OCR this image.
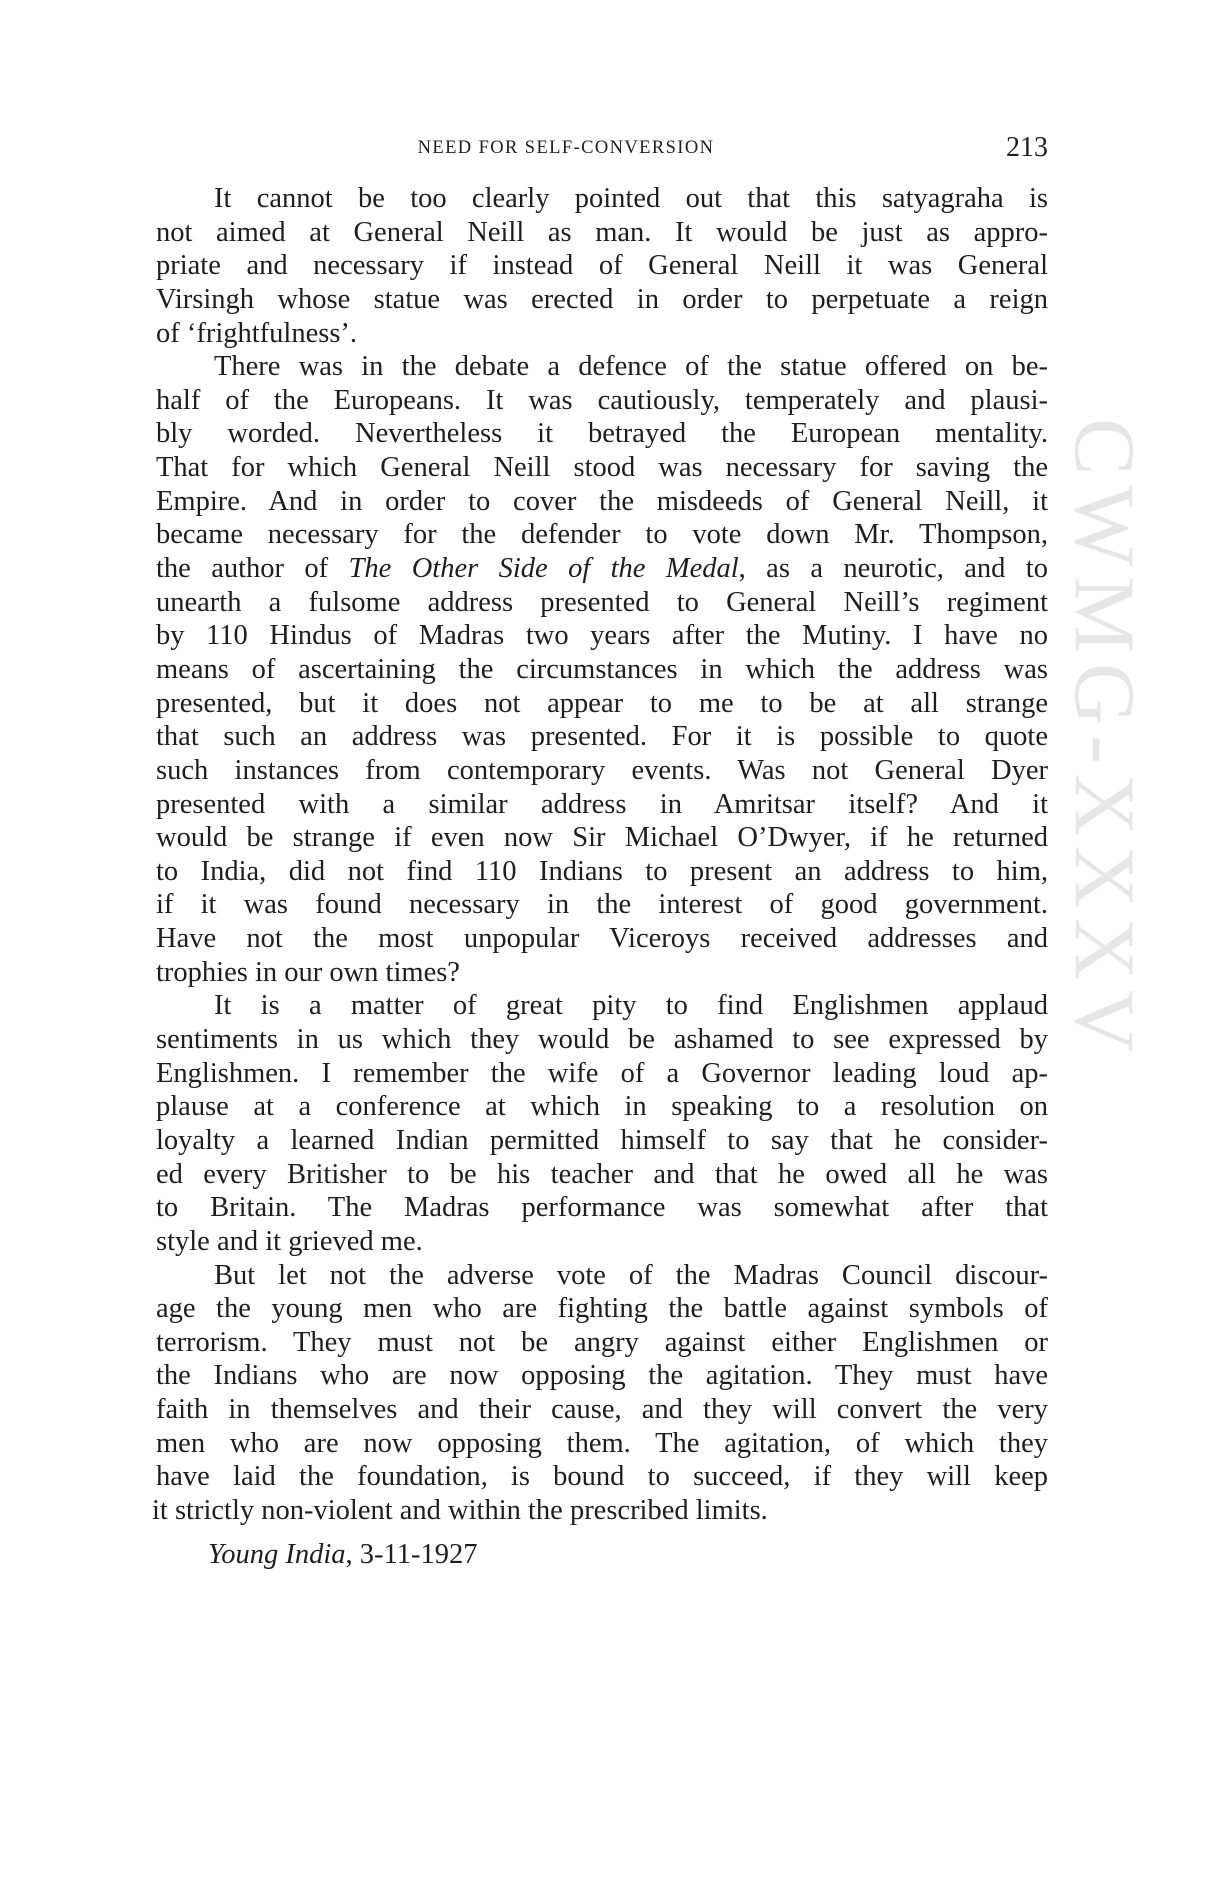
NEED FOR SELF-CONVERSION	213
CWMG-XXXV
It cannot be too clearly pointed out that this satyagraha is
not aimed at General Neill as man. It would be just as appro-
priate and necessary if instead of General Neill it was General
Virsingh whose statue was erected in order to perpetuate a reign
of ‘frightfulness’.
There was in the debate a defence of the statue offered on be-
half of the Europeans. It was cautiously, temperately and plausi-
bly worded. Nevertheless it betrayed the European mentality.
That for which General Neill stood was necessary for saving the
Empire. And in order to cover the misdeeds of General Neill, it
became necessary for the defender to vote down Mr. Thompson,
the author of The Other Side of the Medal, as a neurotic, and to
unearth a fulsome address presented to General Neill’s regiment
by 110 Hindus of Madras two years after the Mutiny. I have no
means of ascertaining the circumstances in which the address was
presented, but it does not appear to me to be at all strange
that such an address was presented. For it is possible to quote
such instances from contemporary events. Was not General Dyer
presented with a similar address in Amritsar itself? And it
would be strange if even now Sir Michael O’Dwyer, if he returned
to India, did not find 110 Indians to present an address to him,
if it was found necessary in the interest of good government.
Have not the most unpopular Viceroys received addresses and
trophies in our own times?
It is a matter of great pity to find Englishmen applaud
sentiments in us which they would be ashamed to see expressed by
Englishmen. I remember the wife of a Governor leading loud ap-
plause at a conference at which in speaking to a resolution on
loyalty a learned Indian permitted himself to say that he consider-
ed every Britisher to be his teacher and that he owed all he was
to Britain. The Madras performance was somewhat after that
style and it grieved me.
But let not the adverse vote of the Madras Council discour-
age the young men who are fighting the battle against symbols of
terrorism. They must not be angry against either Englishmen or
the Indians who are now opposing the agitation. They must have
faith in themselves and their cause, and they will convert the very
men who are now opposing them. The agitation, of which they
have laid the foundation, is bound to succeed, if they will keep
it strictly non-violent and within the prescribed limits.
Young India, 3-11-1927
